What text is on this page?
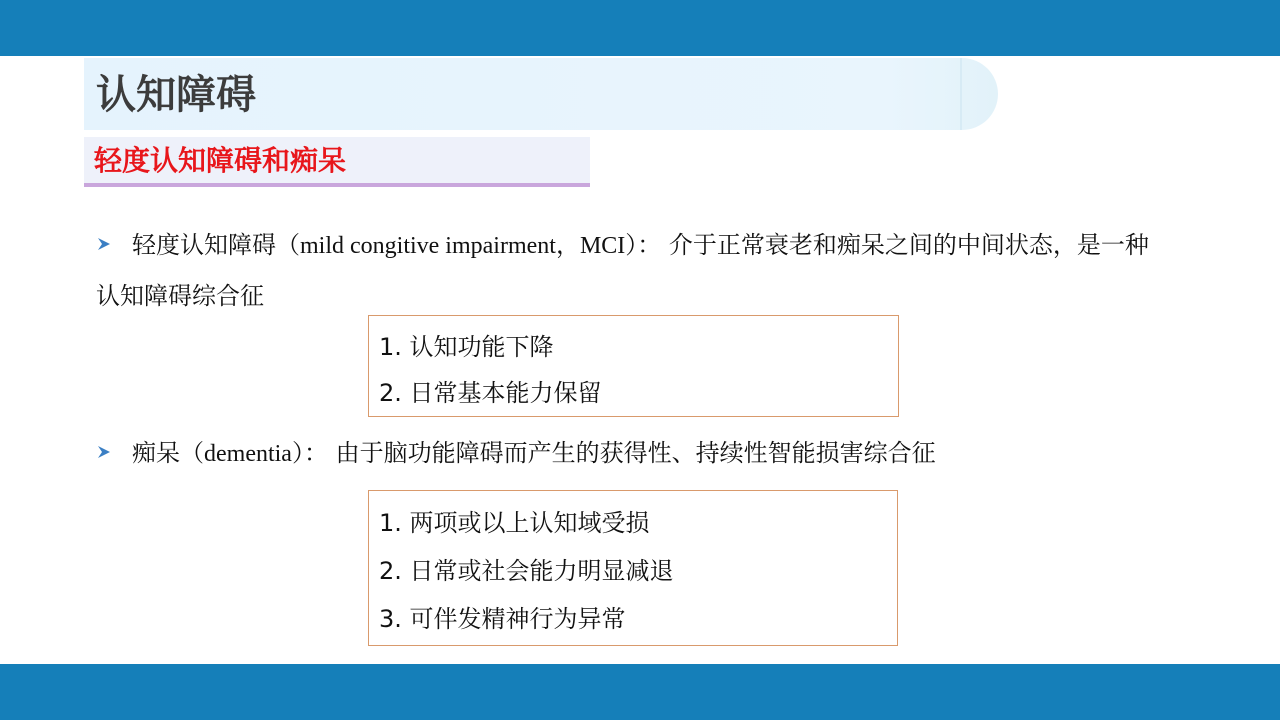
认知障碍
轻度认知障碍和痴呆

轻度认知障碍（mild congitive impairment，MCI）： 介于正常衰老和痴呆之间的中间状态，是一种认知障碍综合征

1. 认知功能下降

2. 日常基本能力保留

痴呆（dementia）： 由于脑功能障碍而产生的获得性、持续性智能损害综合征

1. 两项或以上认知域受损

2. 日常或社会能力明显减退

3. 可伴发精神行为异常
